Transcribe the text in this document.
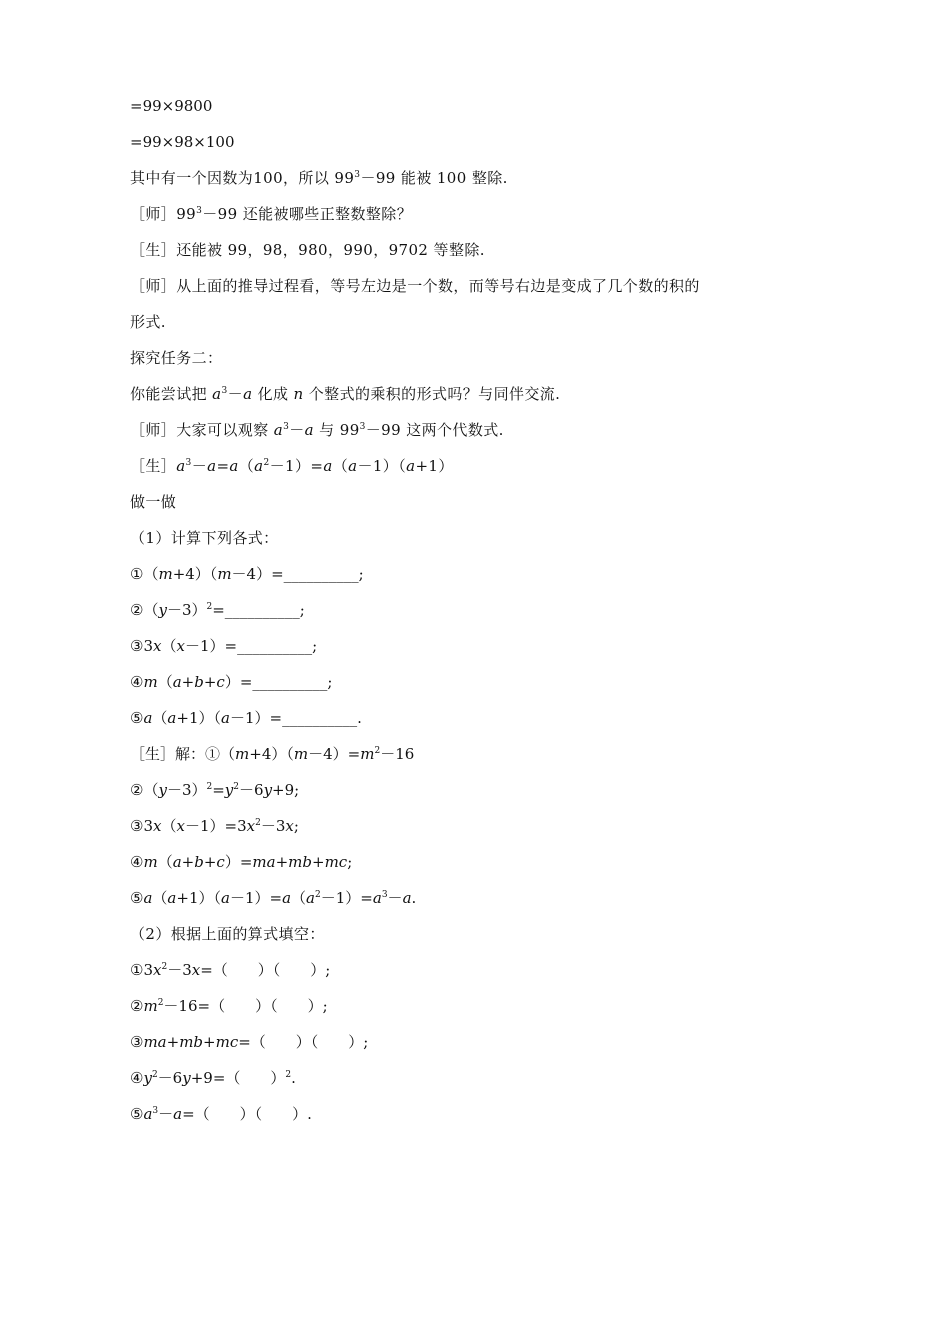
=99×9800
=99×98×100
其中有一个因数为100，所以 $99^3-99$ 能被 100 整除.
［师$]99^3-99$ 还能被哪些正整数整除？
［生］还能被 99，98，980，990，9702 等整除.
［师］从上面的推导过程看，等号左边是一个数，而等号右边是变成了几个数的积的
形式.
探究任务二：
你能尝试把 $a^3-a$ 化成 n 个整式的乘积的形式吗？与同伴交流.
［师］大家可以观察 $a^3-a$ 与 $99^3-99$ 这两个代数式.
［生$]a^3-a=a(a^2-1)=a(a-1)(a+1)$
做一做
（1）计算下列各式：
①（m+4）（m－4）=__________;
$②(y-3)^2=\_\_\_\_\_\_\_\_\_\_$;
③3x（x－1）=__________;
④m（a+b+c）=__________;
⑤a（a+1）（a－1）=__________.
［生］解：$①(m+4)(m-4)=m^2-16$
$②(y-3)^2=y^2-6y+9$;
$③3x(x-1)=3x^2-3x$;
④m（a+b+c）=ma+mb+mc;
$⑤a(a+1)(a-1)=a(a^2-1)=a^3-a$.
（2）根据上面的算式填空：
$①3x^2-3x=$（　　）（　　）;
$②m^2-16=$（　　）（　　）;
③ma+mb+mc=（　　）（　　）;
$④y^2-6y+9=$（　　）$^2$.
$⑤a^3-a=$（　　）（　　）.
